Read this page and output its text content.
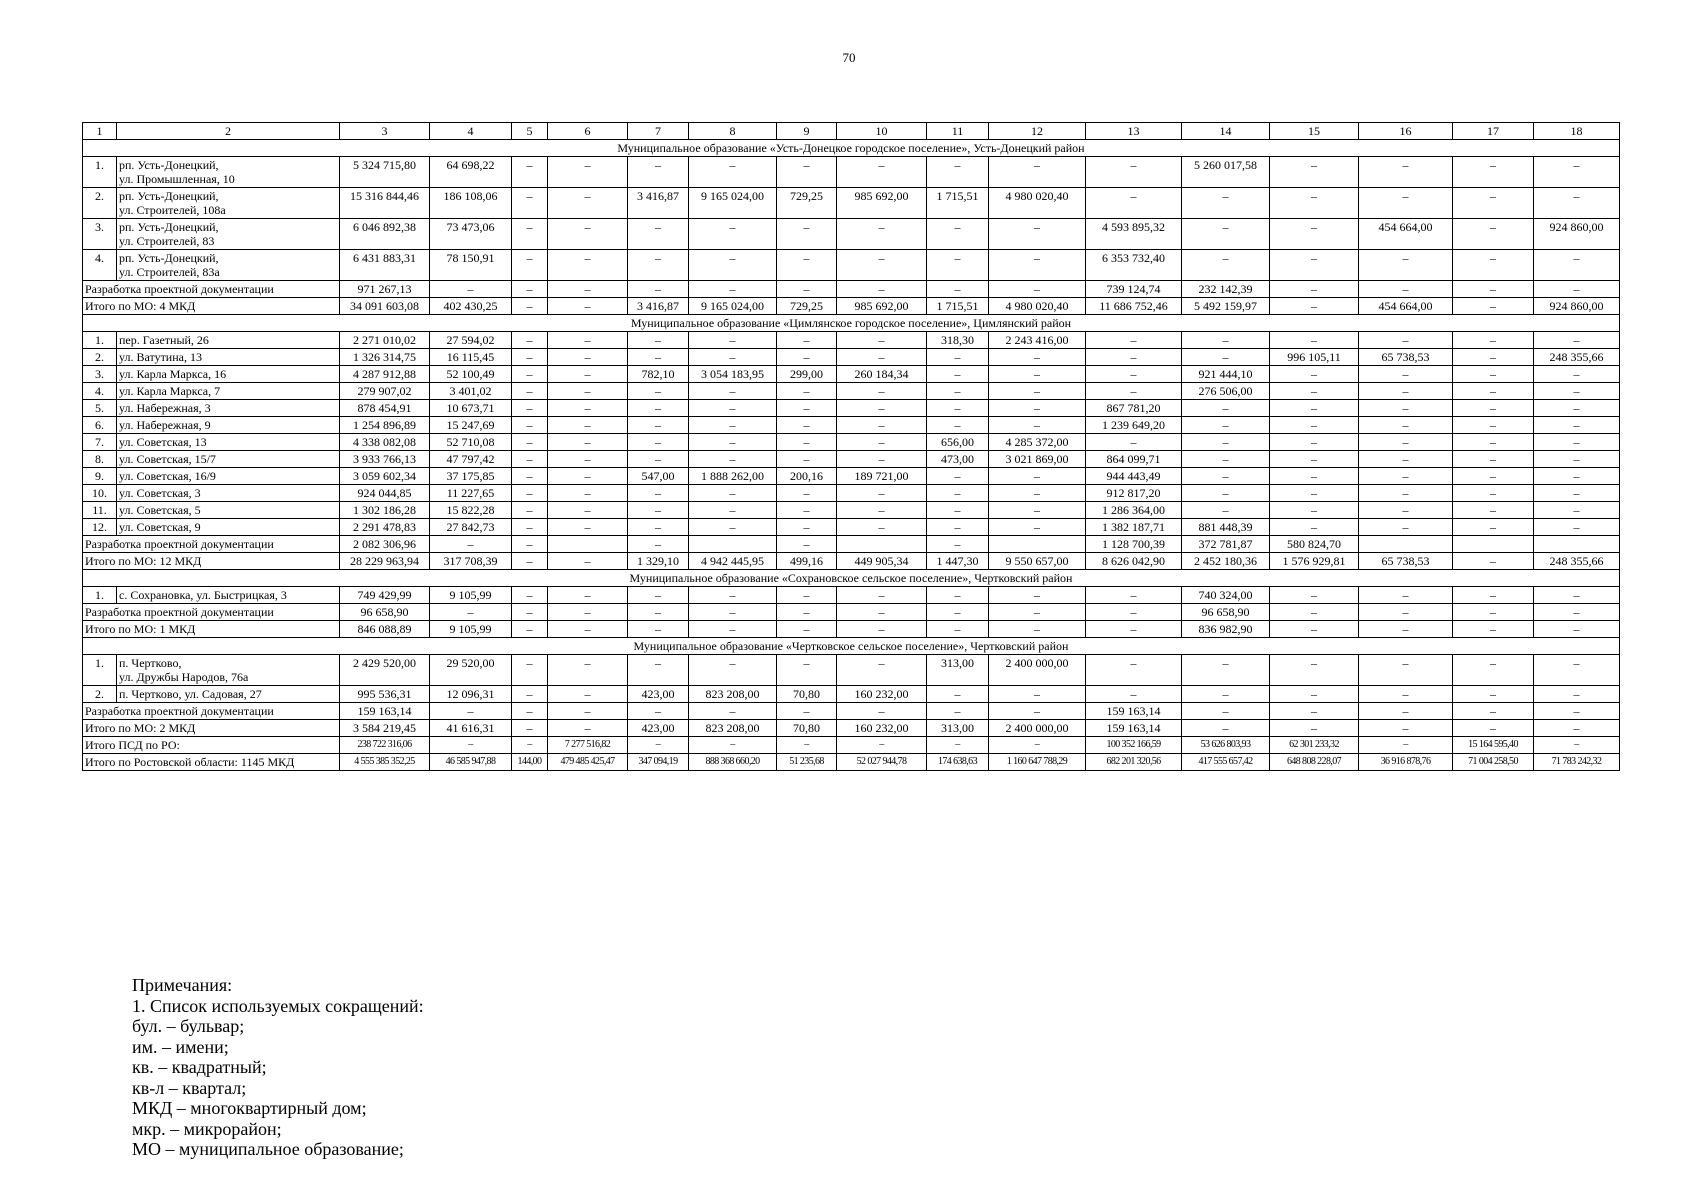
70
1	2	3	4	5	6	7	8	9	10	11	12	13	14	15	16	17	18
Муниципальное образование «Усть-Донецкое городское поселение», Усть-Донецкий район																	
1.	рп. Усть-Донецкий,
ул. Промышленная, 10	5 324 715,80	64 698,22	–	–	–	–	–	–	–	–	–	5 260 017,58	–	–	–	–
2.	рп. Усть-Донецкий,
ул. Строителей, 108а	15 316 844,46	186 108,06	–	–	3 416,87	9 165 024,00	729,25	985 692,00	1 715,51	4 980 020,40	–	–	–	–	–	–
3.	рп. Усть-Донецкий,
ул. Строителей, 83	6 046 892,38	73 473,06	–	–	–	–	–	–	–	–	4 593 895,32	–	–	454 664,00	–	924 860,00
4.	рп. Усть-Донецкий,
ул. Строителей, 83а	6 431 883,31	78 150,91	–	–	–	–	–	–	–	–	6 353 732,40	–	–	–	–	–
Разработка проектной документации		971 267,13	–	–	–	–	–	–	–	–	–	739 124,74	232 142,39	–	–	–	–
Итого по МО: 4 МКД		34 091 603,08	402 430,25	–	–	3 416,87	9 165 024,00	729,25	985 692,00	1 715,51	4 980 020,40	11 686 752,46	5 492 159,97	–	454 664,00	–	924 860,00
Муниципальное образование «Цимлянское городское поселение», Цимлянский район																	
1.	пер. Газетный, 26	2 271 010,02	27 594,02	–	–	–	–	–	–	318,30	2 243 416,00	–	–	–	–	–	–
2.	ул. Ватутина, 13	1 326 314,75	16 115,45	–	–	–	–	–	–	–	–	–	–	996 105,11	65 738,53	–	248 355,66
3.	ул. Карла Маркса, 16	4 287 912,88	52 100,49	–	–	782,10	3 054 183,95	299,00	260 184,34	–	–	–	921 444,10	–	–	–	–
4.	ул. Карла Маркса, 7	279 907,02	3 401,02	–	–	–	–	–	–	–	–	–	276 506,00	–	–	–	–
5.	ул. Набережная, 3	878 454,91	10 673,71	–	–	–	–	–	–	–	–	867 781,20	–	–	–	–	–
6.	ул. Набережная, 9	1 254 896,89	15 247,69	–	–	–	–	–	–	–	–	1 239 649,20	–	–	–	–	–
7.	ул. Советская, 13	4 338 082,08	52 710,08	–	–	–	–	–	–	656,00	4 285 372,00	–	–	–	–	–	–
8.	ул. Советская, 15/7	3 933 766,13	47 797,42	–	–	–	–	–	–	473,00	3 021 869,00	864 099,71	–	–	–	–	–
9.	ул. Советская, 16/9	3 059 602,34	37 175,85	–	–	547,00	1 888 262,00	200,16	189 721,00	–	–	944 443,49	–	–	–	–	–
10.	ул. Советская, 3	924 044,85	11 227,65	–	–	–	–	–	–	–	–	912 817,20	–	–	–	–	–
11.	ул. Советская, 5	1 302 186,28	15 822,28	–	–	–	–	–	–	–	–	1 286 364,00	–	–	–	–	–
12.	ул. Советская, 9	2 291 478,83	27 842,73	–	–	–	–	–	–	–	–	1 382 187,71	881 448,39	–	–	–	–
Разработка проектной документации		2 082 306,96	–	–		–		–		–		1 128 700,39	372 781,87	580 824,70			
Итого по МО: 12 МКД		28 229 963,94	317 708,39	–	–	1 329,10	4 942 445,95	499,16	449 905,34	1 447,30	9 550 657,00	8 626 042,90	2 452 180,36	1 576 929,81	65 738,53	–	248 355,66
Муниципальное образование «Сохрановское сельское поселение», Чертковский район																	
1.	с. Сохрановка, ул. Быстрицкая, 3	749 429,99	9 105,99	–	–	–	–	–	–	–	–	–	740 324,00	–	–	–	–
Разработка проектной документации		96 658,90	–	–	–	–	–	–	–	–	–	–	96 658,90	–	–	–	–
Итого по МО: 1 МКД		846 088,89	9 105,99	–	–	–	–	–	–	–	–	–	836 982,90	–	–	–	–
Муниципальное образование «Чертковское сельское поселение», Чертковский район																	
1.	п. Чертково,
ул. Дружбы Народов, 76а	2 429 520,00	29 520,00	–	–	–	–	–	–	313,00	2 400 000,00	–	–	–	–	–	–
2.	п. Чертково, ул. Садовая, 27	995 536,31	12 096,31	–	–	423,00	823 208,00	70,80	160 232,00	–	–	–	–	–	–	–	–
Разработка проектной документации		159 163,14	–	–	–	–	–	–	–	–	–	159 163,14	–	–	–	–	–
Итого по МО: 2 МКД		3 584 219,45	41 616,31	–	–	423,00	823 208,00	70,80	160 232,00	313,00	2 400 000,00	159 163,14	–	–	–	–	–
Итого ПСД по РО:		238 722 316,06	–	–	7 277 516,82	–	–	–	–	–	–	100 352 166,59	53 626 803,93	62 301 233,32	–	15 164 595,40	–
Итого по Ростовской области: 1145 МКД		4 555 385 352,25	46 585 947,88	144,00	479 485 425,47	347 094,19	888 368 660,20	51 235,68	52 027 944,78	174 638,63	1 160 647 788,29	682 201 320,56	417 555 657,42	648 808 228,07	36 916 878,76	71 004 258,50	71 783 242,32
Примечания:
1. Список используемых сокращений:
бул. – бульвар;
им. – имени;
кв. – квадратный;
кв-л – квартал;
МКД – многоквартирный дом;
мкр. – микрорайон;
МО – муниципальное образование;
